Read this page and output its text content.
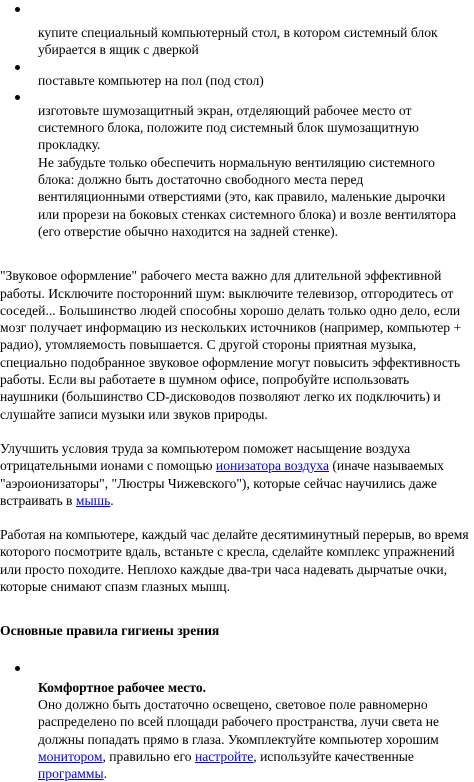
купите специальный компьютерный стол, в котором системный блок убирается в ящик с дверкой
поставьте компьютер на пол (под стол)
изготовьте шумозащитный экран, отделяющий рабочее место от системного блока, положите под системный блок шумозащитную прокладку.
Не забудьте только обеспечить нормальную вентиляцию системного блока: должно быть достаточно свободного места перед вентиляционными отверстиями (это, как правило, маленькие дырочки или прорези на боковых стенках системного блока) и возле вентилятора (его отверстие обычно находится на задней стенке).

"Звуковое оформление" рабочего места важно для длительной эффективной работы. Исключите посторонний шум: выключите телевизор, отгородитесь от соседей... Большинство людей способны хорошо делать только одно дело, если мозг получает информацию из нескольких источников (например, компьютер + радио), утомляемость повышается. С другой стороны приятная музыка, специально подобранное звуковое оформление могут повысить эффективность работы. Если вы работаете в шумном офисе, попробуйте использовать наушники (большинство CD-дисководов позволяют легко их подключить) и слушайте записи музыки или звуков природы.

Улучшить условия труда за компьютером поможет насыщение воздуха отрицательными ионами с помощью ионизатора воздуха (иначе называемых "аэроионизаторы", "Люстры Чижевского"), которые сейчас научились даже встраивать в мышь.

Работая на компьютере, каждый час делайте десятиминутный перерыв, во время которого посмотрите вдаль, встаньте с кресла, сделайте комплекс упражнений или просто походите. Неплохо каждые два-три часа надевать дырчатые очки, которые снимают спазм глазных мышц.

Основные правила гигиены зрения

Комфортное рабочее место.
Оно должно быть достаточно освещено, световое поле равномерно распределено по всей площади рабочего пространства, лучи света не должны попадать прямо в глаза. Укомплектуйте компьютер хорошим монитором, правильно его настройте, используйте качественные программы.
